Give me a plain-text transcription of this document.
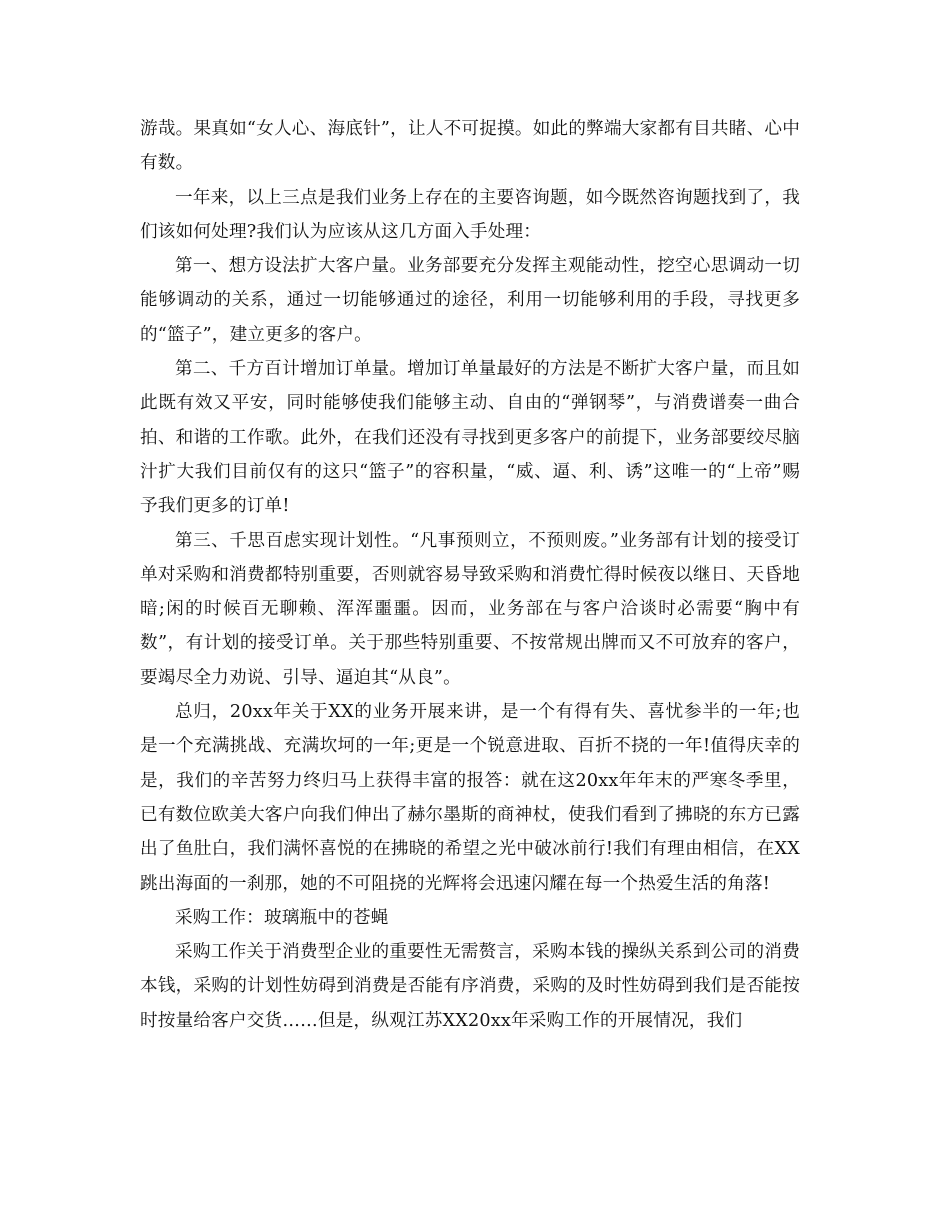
游哉。果真如“女人心、海底针”，让人不可捉摸。如此的弊端大家都有目共睹、心中有数。

一年来，以上三点是我们业务上存在的主要咨询题，如今既然咨询题找到了，我们该如何处理?我们认为应该从这几方面入手处理：

第一、想方设法扩大客户量。业务部要充分发挥主观能动性，挖空心思调动一切能够调动的关系，通过一切能够通过的途径，利用一切能够利用的手段，寻找更多的“篮子”，建立更多的客户。

第二、千方百计增加订单量。增加订单量最好的方法是不断扩大客户量，而且如此既有效又平安，同时能够使我们能够主动、自由的“弹钢琴”，与消费谱奏一曲合拍、和谐的工作歌。此外，在我们还没有寻找到更多客户的前提下，业务部要绞尽脑汁扩大我们目前仅有的这只“篮子”的容积量，“威、逼、利、诱”这唯一的“上帝”赐予我们更多的订单!

第三、千思百虑实现计划性。“凡事预则立，不预则废。”业务部有计划的接受订单对采购和消费都特别重要，否则就容易导致采购和消费忙得时候夜以继日、天昏地暗;闲的时候百无聊赖、浑浑噩噩。因而，业务部在与客户洽谈时必需要“胸中有数”，有计划的接受订单。关于那些特别重要、不按常规出牌而又不可放弃的客户，要竭尽全力劝说、引导、逼迫其“从良”。

总归，20xx年关于XX的业务开展来讲，是一个有得有失、喜忧参半的一年;也是一个充满挑战、充满坎坷的一年;更是一个锐意进取、百折不挠的一年!值得庆幸的是，我们的辛苦努力终归马上获得丰富的报答：就在这20xx年年末的严寒冬季里，已有数位欧美大客户向我们伸出了赫尔墨斯的商神杖，使我们看到了拂晓的东方已露出了鱼肚白，我们满怀喜悦的在拂晓的希望之光中破冰前行!我们有理由相信，在XX跳出海面的一刹那，她的不可阻挠的光辉将会迅速闪耀在每一个热爱生活的角落!

采购工作：玻璃瓶中的苍蝇

采购工作关于消费型企业的重要性无需赘言，采购本钱的操纵关系到公司的消费本钱，采购的计划性妨碍到消费是否能有序消费，采购的及时性妨碍到我们是否能按时按量给客户交货……但是，纵观江苏XX20xx年采购工作的开展情况，我们
